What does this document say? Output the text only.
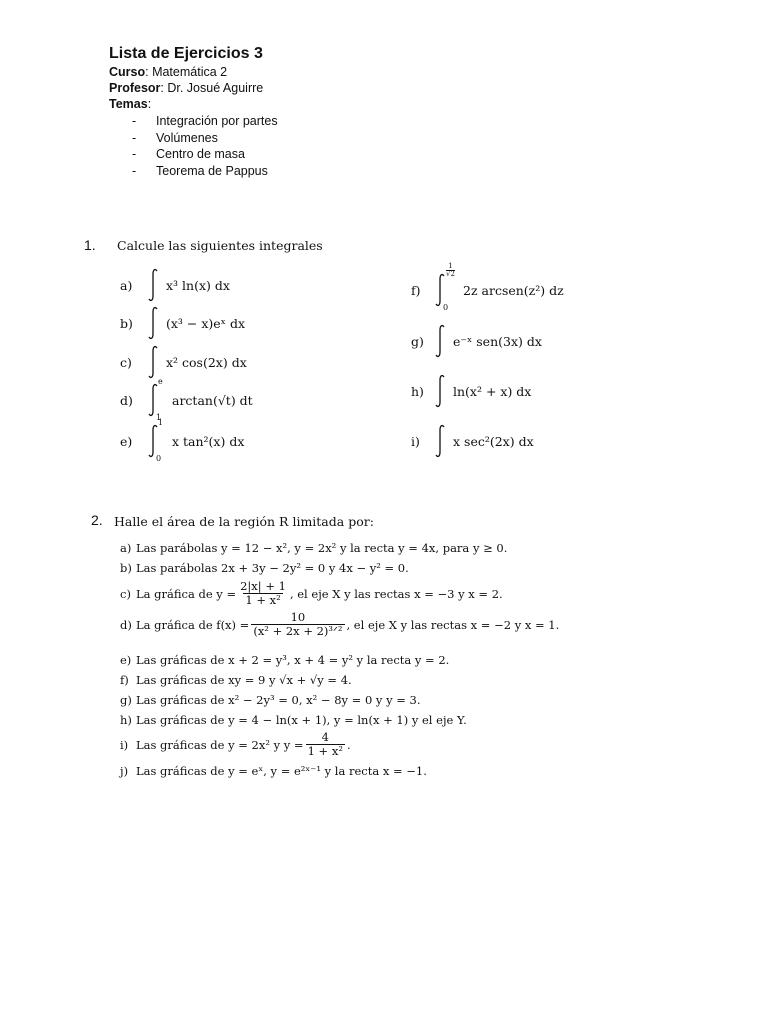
Lista de Ejercicios 3
Curso: Matemática 2
Profesor: Dr. Josué Aguirre
Temas:
- Integración por partes
- Volúmenes
- Centro de masa
- Teorema de Pappus
1. Calcule las siguientes integrales
a)	x³ ln(x) dx
b)	(x³ − x)eˣ dx
c)	x² cos(2x) dx
d)
e
1
arctan(√t) dt
e)
1
0
x tan²(x) dx
f)
$\frac{1}{√2}$
0
2z arcsen(z²) dz
g)	e⁻ˣ sen(3x) dx
h)	ln(x² + x) dx
i)	x sec²(2x) dx
2. Halle el área de la región R limitada por:
a) Las parábolas y = 12 − x², y = 2x² y la recta y = 4x, para y ≥ 0.
b) Las parábolas 2x + 3y − 2y² = 0 y 4x − y² = 0.
c) La gráfica de $y = \frac{2|x| + 1}{\text{1 + x²}}$ , el eje X y las rectas x = −3 y x = 2.
d) La gráfica de $f(x) = \frac{10}{\text{(x² + 2x + 2)³ᐟ²}}$ , el eje X y las rectas x = −2 y x = 1.
e) Las gráficas de x + 2 = y³, x + 4 = y² y la recta y = 2.
f) Las gráficas de xy = 9 y √x + √y = 4.
g) Las gráficas de x² − 2y³ = 0, x² − 8y = 0 y y = 3.
h) Las gráficas de y = 4 − ln(x + 1), y = ln(x + 1) y el eje Y.
i) Las gráficas de y = 2x² y $y = \frac{4}{\text{1 + x²}}$ .
j) Las gráficas de y = eˣ, y = e²ˣ⁻¹ y la recta x = −1.
